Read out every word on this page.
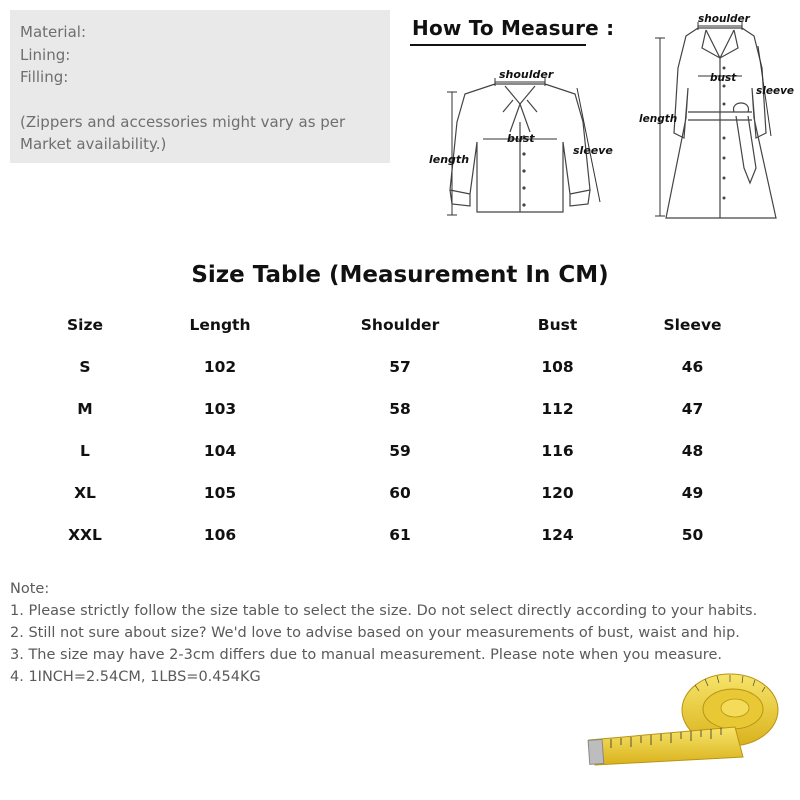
Material:
Lining:
Filling:
(Zippers and accessories might vary as per
Market availability.)
How To Measure :
shoulder
bust
length
sleeve
shoulder
bust
length
sleeve
Size Table (Measurement In CM)
Size	Length	Shoulder	Bust	Sleeve
S	102	57	108	46
M	103	58	112	47
L	104	59	116	48
XL	105	60	120	49
XXL	106	61	124	50
Note:
1. Please strictly follow the size table to select the size. Do not select directly according to your habits.
2. Still not sure about size? We'd love to advise based on your measurements of bust, waist and hip.
3. The size may have 2-3cm differs due to manual measurement. Please note when you measure.
4. 1INCH=2.54CM, 1LBS=0.454KG
